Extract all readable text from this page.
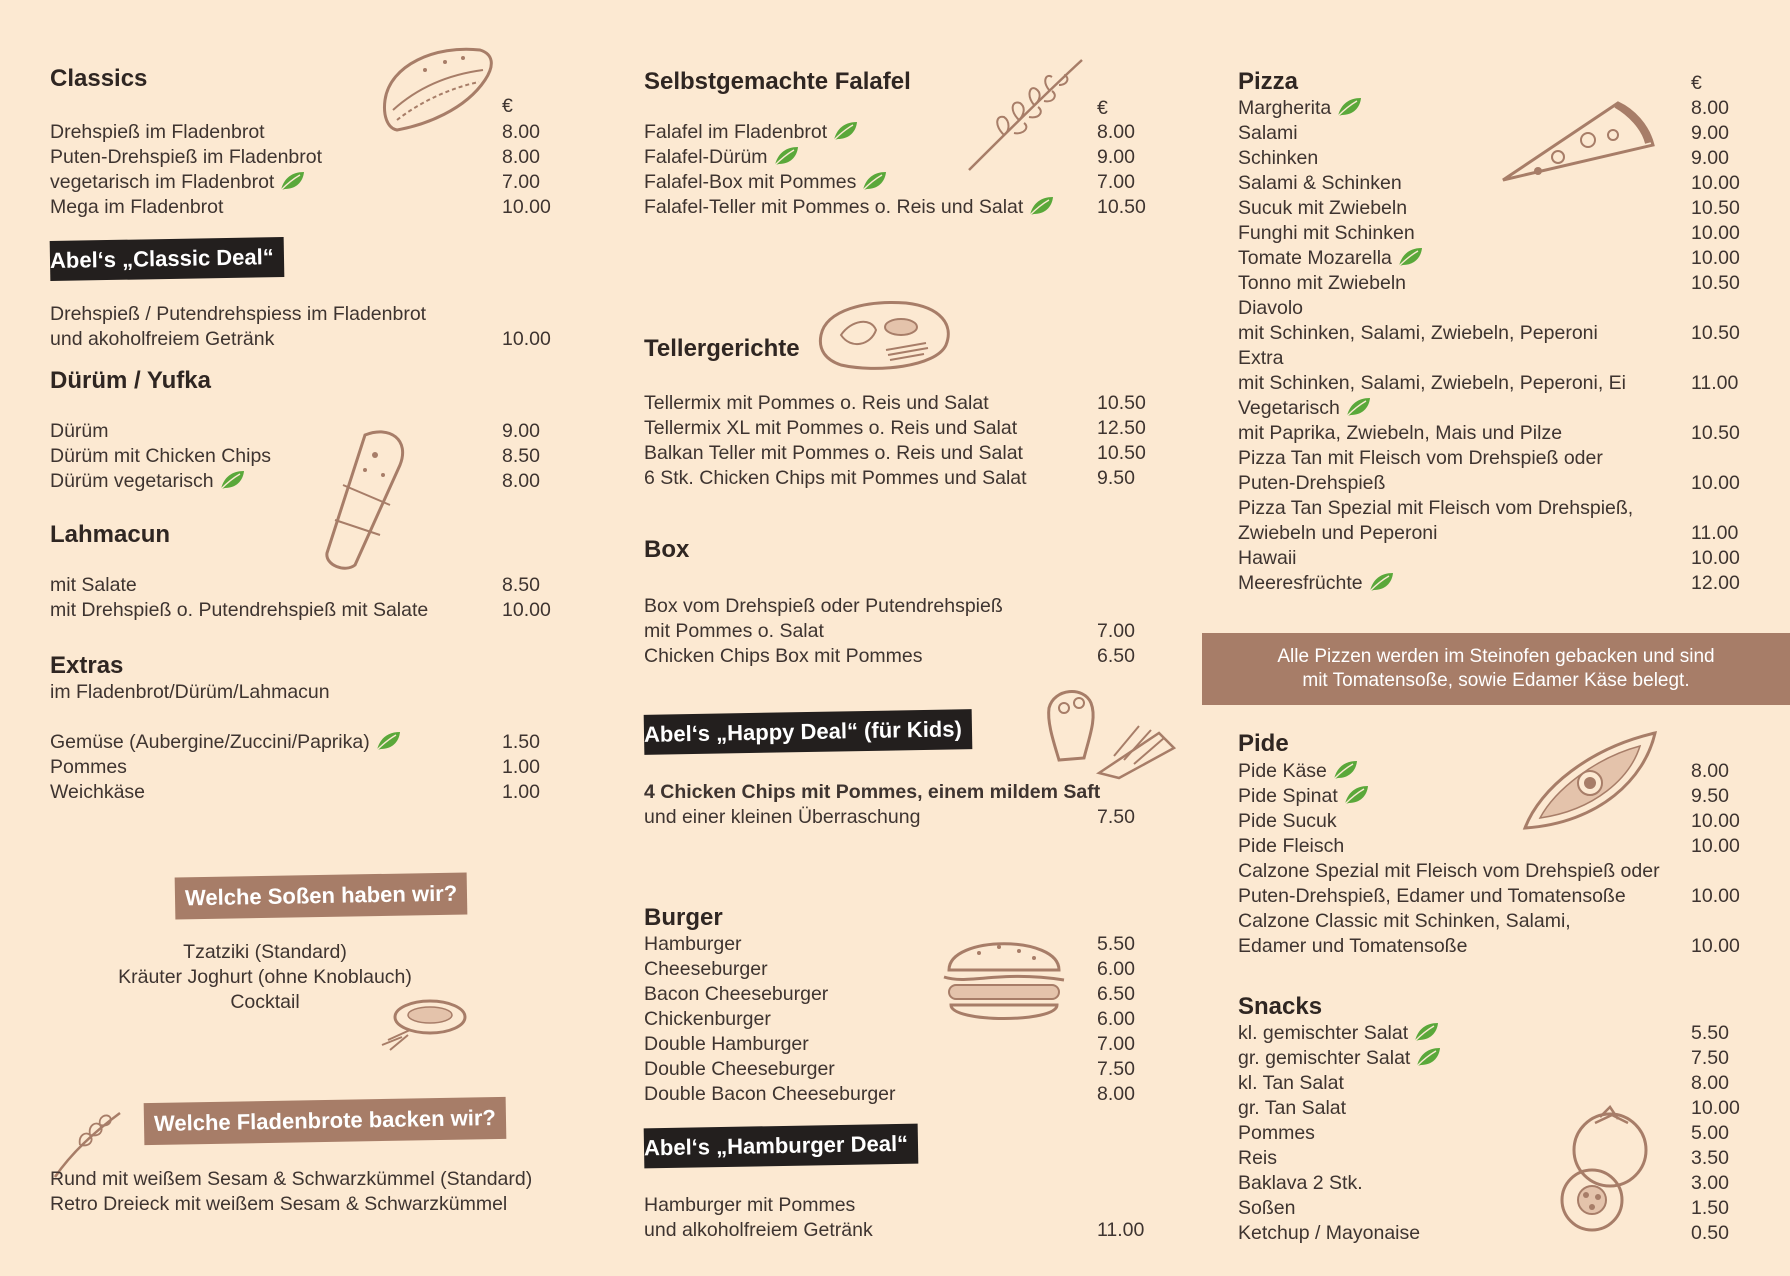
Classics
€
Drehspieß im Fladenbrot	8.00
Puten-Drehspieß im Fladenbrot	8.00
vegetarisch im Fladenbrot	7.00
Mega im Fladenbrot	10.00
Abel‘s „Classic Deal“
Drehspieß / Putendrehspiess im Fladenbrot
und akoholfreiem Getränk	10.00
Dürüm / Yufka
Dürüm	9.00
Dürüm mit Chicken Chips	8.50
Dürüm vegetarisch	8.00
Lahmacun
mit Salate	8.50
mit Drehspieß o. Putendrehspieß mit Salate	10.00
Extras
im Fladenbrot/Dürüm/Lahmacun
Gemüse (Aubergine/Zuccini/Paprika)	1.50
Pommes	1.00
Weichkäse	1.00
Welche Soßen haben wir?
Tzatziki (Standard)
Kräuter Joghurt (ohne Knoblauch)
Cocktail
Welche Fladenbrote backen wir?
Rund mit weißem Sesam & Schwarzkümmel (Standard)
Retro Dreieck mit weißem Sesam & Schwarzkümmel
Selbstgemachte Falafel
€
Falafel im Fladenbrot	8.00
Falafel-Dürüm	9.00
Falafel-Box mit Pommes	7.00
Falafel-Teller mit Pommes o. Reis und Salat	10.50
Tellergerichte
Tellermix mit Pommes o. Reis und Salat	10.50
Tellermix XL mit Pommes o. Reis und Salat	12.50
Balkan Teller mit Pommes o. Reis und Salat	10.50
6 Stk. Chicken Chips mit Pommes und Salat	9.50
Box
Box vom Drehspieß oder Putendrehspieß
mit Pommes o. Salat	7.00
Chicken Chips Box mit Pommes	6.50
Abel‘s „Happy Deal“ (für Kids)
4 Chicken Chips mit Pommes, einem mildem Saft
und einer kleinen Überraschung	7.50
Burger
Hamburger	5.50
Cheeseburger	6.00
Bacon Cheeseburger	6.50
Chickenburger	6.00
Double Hamburger	7.00
Double Cheeseburger	7.50
Double Bacon Cheeseburger	8.00
Abel‘s „Hamburger Deal“
Hamburger mit Pommes
und alkoholfreiem Getränk	11.00
Pizza	€
Margherita	8.00
Salami	9.00
Schinken	9.00
Salami & Schinken	10.00
Sucuk mit Zwiebeln	10.50
Funghi mit Schinken	10.00
Tomate Mozarella	10.00
Tonno mit Zwiebeln	10.50
Diavolo
mit Schinken, Salami, Zwiebeln, Peperoni	10.50
Extra
mit Schinken, Salami, Zwiebeln, Peperoni, Ei	11.00
Vegetarisch
mit Paprika, Zwiebeln, Mais und Pilze	10.50
Pizza Tan mit Fleisch vom Drehspieß oder
Puten-Drehspieß	10.00
Pizza Tan Spezial mit Fleisch vom Drehspieß,
Zwiebeln und Peperoni	11.00
Hawaii	10.00
Meeresfrüchte	12.00
Alle Pizzen werden im Steinofen gebacken und sind
mit Tomatensoße, sowie Edamer Käse belegt.
Pide
Pide Käse	8.00
Pide Spinat	9.50
Pide Sucuk	10.00
Pide Fleisch	10.00
Calzone Spezial mit Fleisch vom Drehspieß oder
Puten-Drehspieß, Edamer und Tomatensoße	10.00
Calzone Classic mit Schinken, Salami,
Edamer und Tomatensoße	10.00
Snacks
kl. gemischter Salat	5.50
gr. gemischter Salat	7.50
kl. Tan Salat	8.00
gr. Tan Salat	10.00
Pommes	5.00
Reis	3.50
Baklava 2 Stk.	3.00
Soßen	1.50
Ketchup / Mayonaise	0.50
